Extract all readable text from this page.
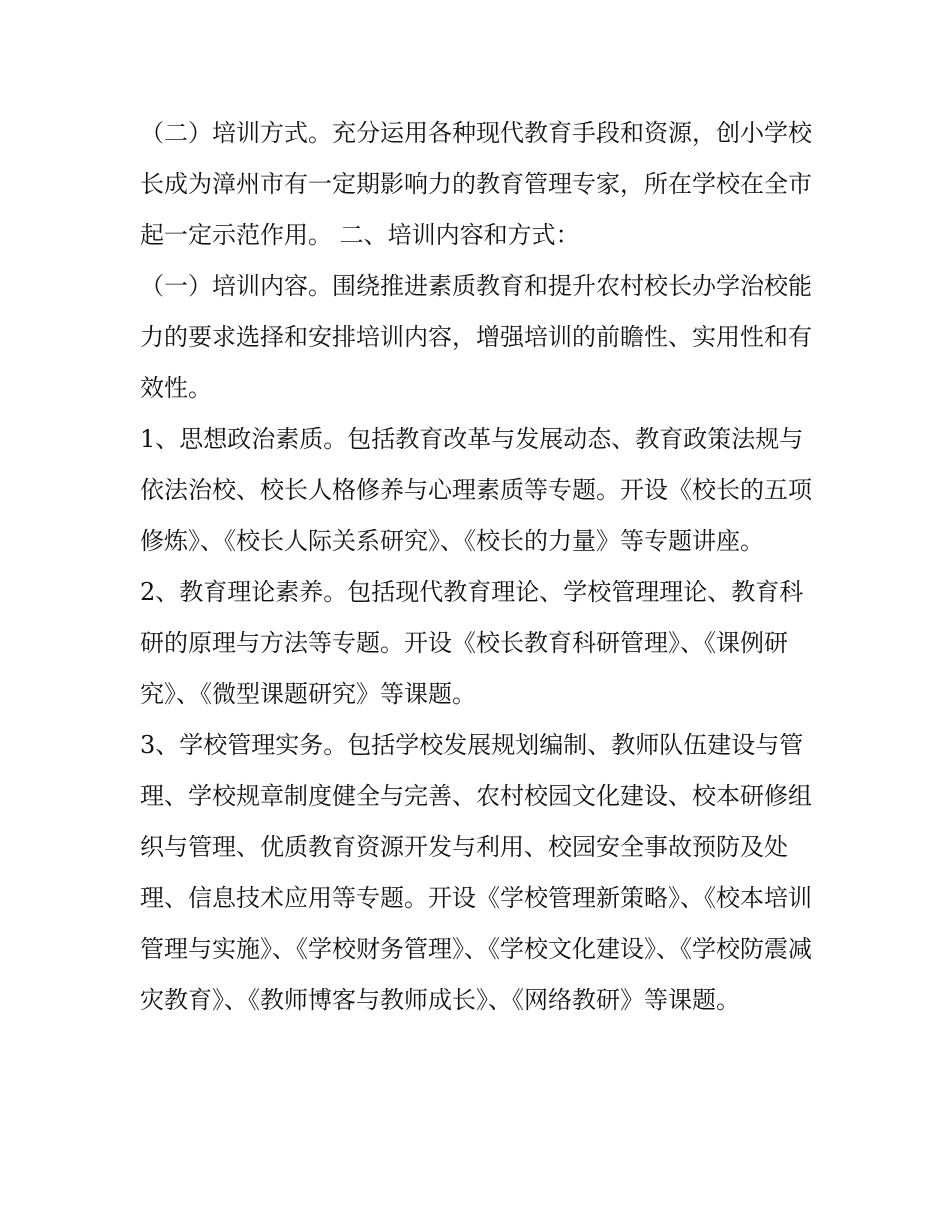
（二）培训方式。充分运用各种现代教育手段和资源，创小学校长成为漳州市有一定期影响力的教育管理专家，所在学校在全市起一定示范作用。 二、培训内容和方式：

（一）培训内容。围绕推进素质教育和提升农村校长办学治校能力的要求选择和安排培训内容，增强培训的前瞻性、实用性和有效性。

1、思想政治素质。包括教育改革与发展动态、教育政策法规与依法治校、校长人格修养与心理素质等专题。开设《校长的五项修炼》、《校长人际关系研究》、《校长的力量》等专题讲座。

2、教育理论素养。包括现代教育理论、学校管理理论、教育科研的原理与方法等专题。开设《校长教育科研管理》、《课例研究》、《微型课题研究》等课题。

3、学校管理实务。包括学校发展规划编制、教师队伍建设与管理、学校规章制度健全与完善、农村校园文化建设、校本研修组织与管理、优质教育资源开发与利用、校园安全事故预防及处理、信息技术应用等专题。开设《学校管理新策略》、《校本培训管理与实施》、《学校财务管理》、《学校文化建设》、《学校防震减灾教育》、《教师博客与教师成长》、《网络教研》等课题。
